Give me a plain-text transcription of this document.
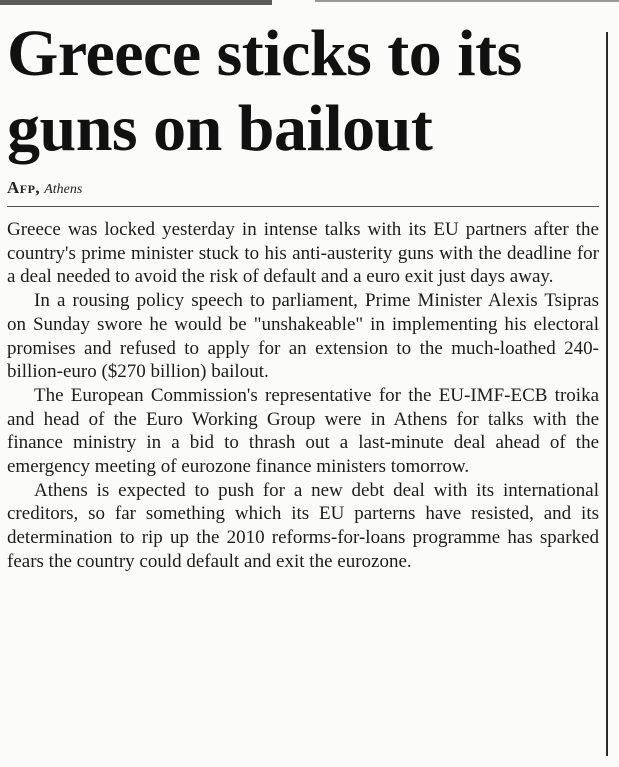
Greece sticks to its guns on bailout
Afp, Athens

Greece was locked yesterday in intense talks with its EU partners after the country's prime minister stuck to his anti-austerity guns with the deadline for a deal needed to avoid the risk of default and a euro exit just days away.

In a rousing policy speech to parliament, Prime Minister Alexis Tsipras on Sunday swore he would be "unshakeable" in implementing his electoral promises and refused to apply for an extension to the much-loathed 240-billion-euro ($270 billion) bailout.

The European Commission's representative for the EU-IMF-ECB troika and head of the Euro Working Group were in Athens for talks with the finance ministry in a bid to thrash out a last-minute deal ahead of the emergency meeting of eurozone finance ministers tomorrow.

Athens is expected to push for a new debt deal with its international creditors, so far something which its EU parterns have resisted, and its determination to rip up the 2010 reforms-for-loans programme has sparked fears the country could default and exit the eurozone.
